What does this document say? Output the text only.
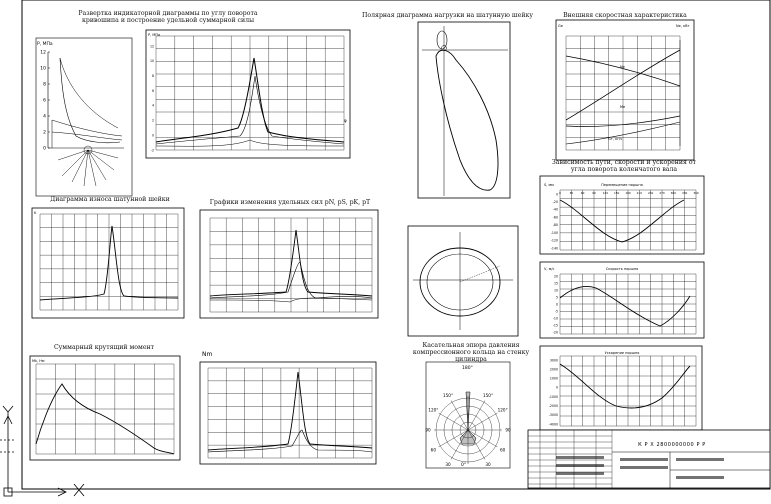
12
10
8
6
4
2
0
P, МПа	12
10
8
6
4
2
0
-2
P, МПа
φ
K
Mk, Нм
Nm
150°
120°
90
60
30
30
60
90
120°
150°
180°
0°
Ge	Ne, кВт
Ne
Me
Gт, кг/ч
Перемещение поршня
0
-20
-40
-60
-80
-100
-120
-140
0	30	60	90 120 150 180 210 240 270 300 330 360
S, мм
Скорость поршня
20
15
10
5
0
-5
-10
-15
-20
V, м/с
Ускорение поршня
3000
2000
1000
0
-1000
-2000
-3000
-4000
К Р Х 2800000000 Р Р
Развертка индикаторной диаграммы по углу поворота
кривошипа и построение удельной суммарной силы
Полярная диаграмма нагрузки на шатунную шейку	Внешняя скоростная характеристика
Зависимость пути, скорости и ускорения от
угла поворота коленчатого вала
Диаграмма износа шатунной шейки	Графики изменения удельных сил pN, pS, pK, pT
Суммарный крутящий момент	Касательная эпюра давления
компрессионного кольца на стенку цилиндра
